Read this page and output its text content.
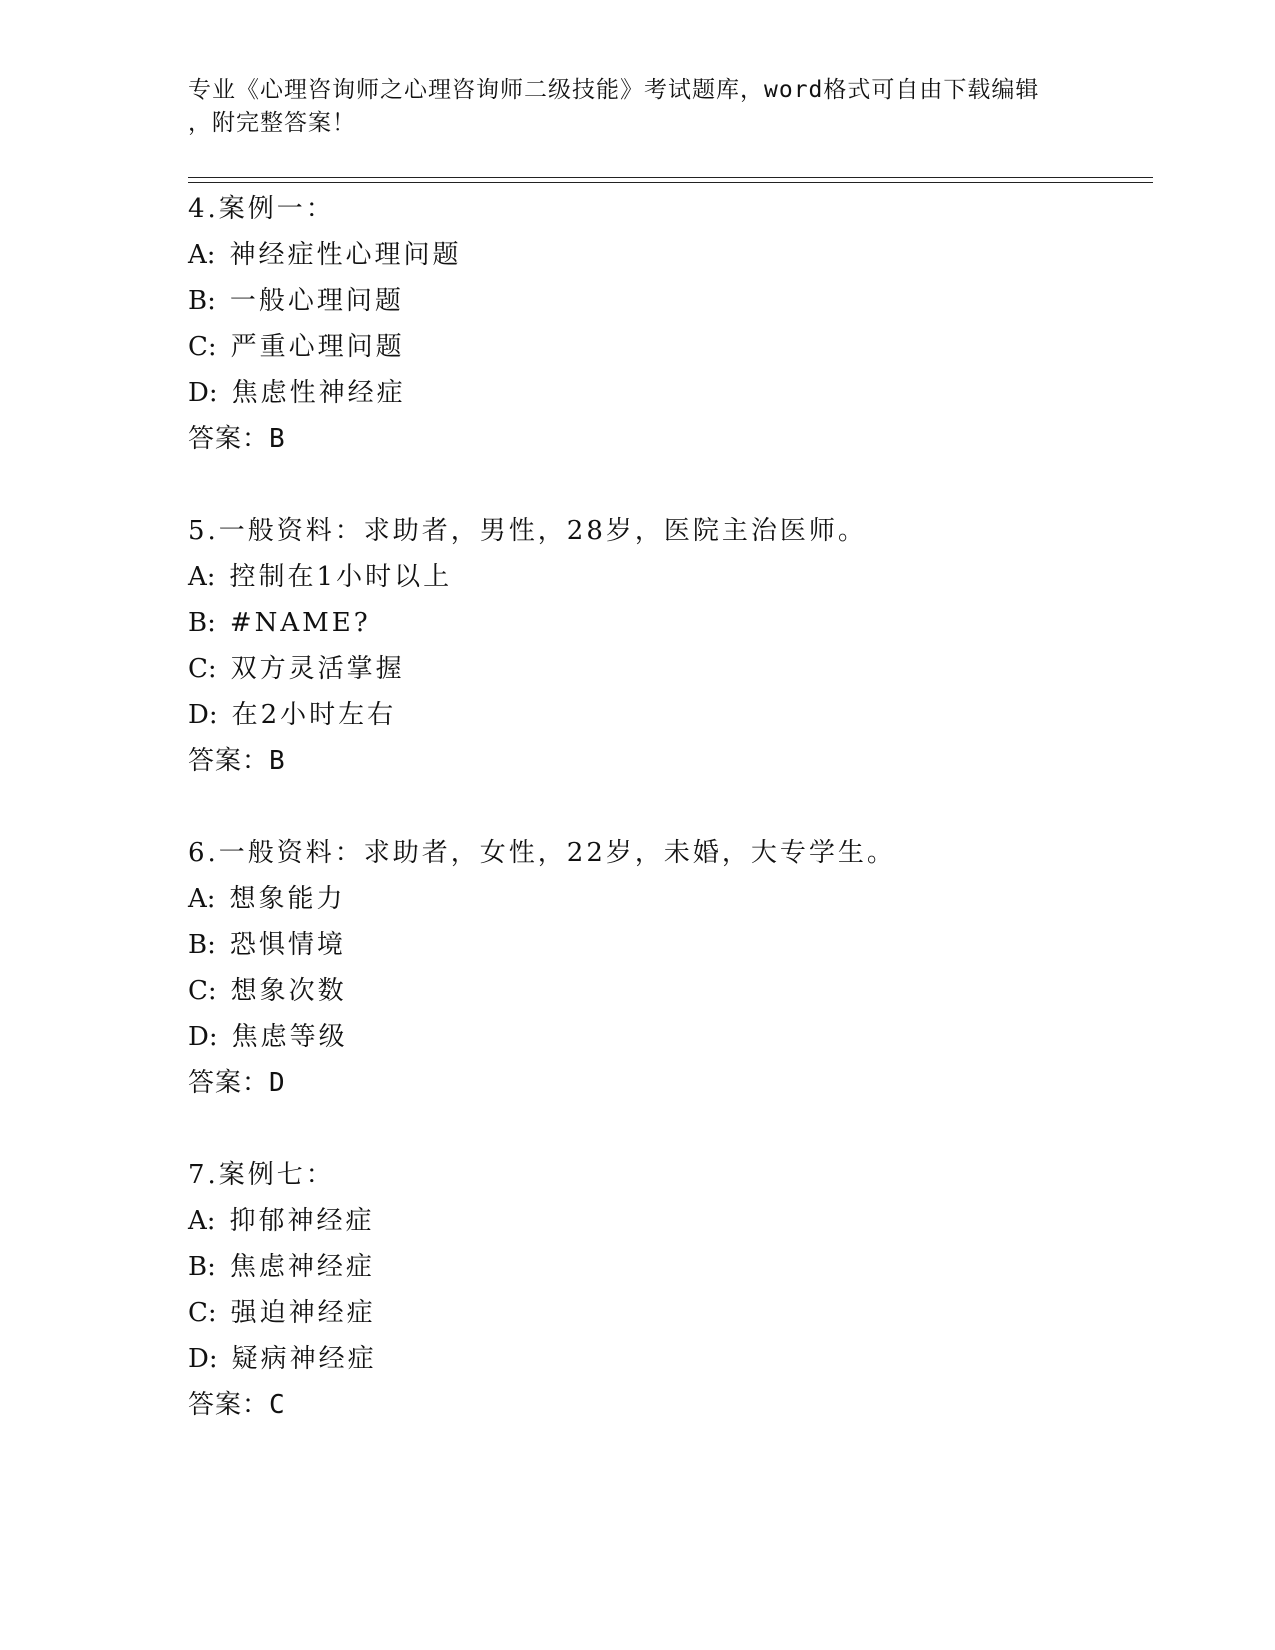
专业《心理咨询师之心理咨询师二级技能》考试题库，word格式可自由下载编辑
，附完整答案！
4.案例一：
A: 神经症性心理问题
B: 一般心理问题
C: 严重心理问题
D: 焦虑性神经症
答案：B
5.一般资料：求助者，男性，28岁，医院主治医师。
A: 控制在1小时以上
B: #NAME?
C: 双方灵活掌握
D: 在2小时左右
答案：B
6.一般资料：求助者，女性，22岁，未婚，大专学生。
A: 想象能力
B: 恐惧情境
C: 想象次数
D: 焦虑等级
答案：D
7.案例七：
A: 抑郁神经症
B: 焦虑神经症
C: 强迫神经症
D: 疑病神经症
答案：C
